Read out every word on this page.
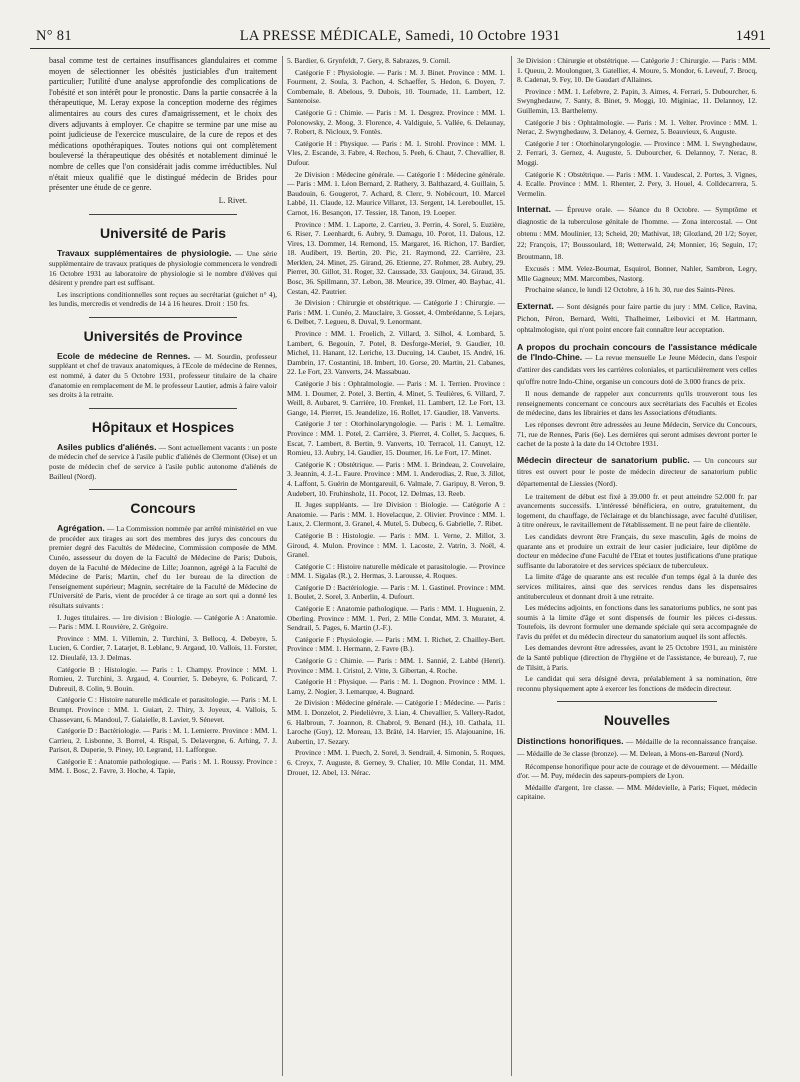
N° 81	LA PRESSE MÉDICALE, Samedi, 10 Octobre 1931	1491

basal comme test de certaines insuffisances glandulaires et comme moyen de sélectionner les obésités justiciables d'un traitement particulier; l'utilité d'une analyse approfondie des complications de l'obésité et son intérêt pour le pronostic. Dans la partie consacrée à la thérapeutique, M. Leray expose la conception moderne des régimes alimentaires au cours des cures d'amaigrissement, et le choix des divers adjuvants à employer. Ce chapitre se termine par une mise au point judicieuse de l'exercice musculaire, de la cure de repos et des médications opothérapiques. Toutes notions qui ont complètement bouleversé la thérapeutique des obésités et notablement diminué le nombre de celles que l'on considérait jadis comme irréductibles. Nul n'était mieux qualifié que le distingué médecin de Brides pour présenter une étude de ce genre.

L. Rivet.

Université de Paris

Travaux supplémentaires de physiologie. — Une série supplémentaire de travaux pratiques de physiologie commencera le vendredi 16 Octobre 1931 au laboratoire de physiologie si le nombre d'élèves qui désirent y prendre part est suffisant.

Les inscriptions conditionnelles sont reçues au secrétariat (guichet n° 4), les lundis, mercredis et vendredis de 14 à 16 heures. Droit : 150 frs.

Universités de Province

Ecole de médecine de Rennes. — M. Sourdin, professeur suppléant et chef de travaux anatomiques, à l'Ecole de médecine de Rennes, est nommé, à dater du 5 Octobre 1931, professeur titulaire de la chaire d'anatomie en remplacement de M. le professeur Lautier, admis à faire valoir ses droits à la retraite.

Hôpitaux et Hospices

Asiles publics d'aliénés. — Sont actuellement vacants : un poste de médecin chef de service à l'asile public d'aliénés de Clermont (Oise) et un poste de médecin chef de service à l'asile public autonome d'aliénés de Bailleul (Nord).

Concours

Agrégation. — La Commission nommée par arrêté ministériel en vue de procéder aux tirages au sort des membres des jurys des concours du premier degré des Facultés de Médecine, Commission composée de MM. Cunéo, assesseur du doyen de la Faculté de Médecine de Paris; Dubois, doyen de la Faculté de Médecine de Lille; Joannon, agrégé à la Faculté de Médecine de Paris; Martin, chef du 1er bureau de la direction de l'enseignement supérieur; Magnin, secrétaire de la Faculté de Médecine de l'Université de Paris, vient de procéder à ce tirage au sort qui a donné les résultats suivants :

I. Juges titulaires. — 1re division : Biologie. — Catégorie A : Anatomie. — Paris : MM. I. Rouvière, 2. Grégoire.

Province : MM. 1. Villemin, 2. Turchini, 3. Bellocq, 4. Debeyre, 5. Lucien, 6. Cordier, 7. Latarjet, 8. Leblanc, 9. Argaud, 10. Vallois, 11. Forster, 12. Dieulafé, 13. J. Delmas.

Catégorie B : Histologie. — Paris : 1. Champy. Province : MM. 1. Romieu, 2. Turchini, 3. Argaud, 4. Courrier, 5. Debeyre, 6. Policard, 7. Dubreuil, 8. Colin, 9. Bouin.

Catégorie C : Histoire naturelle médicale et parasitologie. — Paris : M. I. Brumpt. Province : MM. 1. Guiart, 2. Thiry, 3. Joyeux, 4. Vallois, 5. Chassevant, 6. Mandoul, 7. Galaielle, 8. Lavier, 9. Sénevet.

Catégorie D : Bactériologie. — Paris : M. 1. Lemierre. Province : MM. 1. Carrieu, 2. Lisbonne, 3. Borrel, 4. Rispal, 5. Delavergne, 6. Arhing, 7. J. Parisot, 8. Duperie, 9. Piney, 10. Legrand, 11. Lafforgue.

Catégorie E : Anatomie pathologique. — Paris : M. 1. Roussy. Province : MM. 1. Bosc, 2. Favre, 3. Hoche, 4. Tapie,

5. Bardier, 6. Grynfeldt, 7. Gery, 8. Sabrazes, 9. Cornil.

Catégorie F : Physiologie. — Paris : M. J. Binet. Province : MM. 1. Fourment, 2. Soula, 3. Pachon, 4. Schaeffer, 5. Hedon, 6. Doyen, 7. Combemale, 8. Abelous, 9. Dubois, 10. Tournade, 11. Lambert, 12. Santenoise.

Catégorie G : Chimie. — Paris : M. 1. Desgrez. Province : MM. 1. Polonowsky, 2. Moog, 3. Florence, 4. Valdiguie, 5. Vallée, 6. Delaunay, 7. Robert, 8. Nicloux, 9. Fontès.

Catégorie H : Physique. — Paris : M. 1. Strohl. Province : MM. 1. Vles, 2. Escande, 3. Fabre, 4. Rechou, 5. Peeh, 6. Chaut, 7. Chevallier, 8. Dufour.

2e Division : Médecine générale. — Catégorie I : Médecine générale. — Paris : MM. 1. Léon Bernard, 2. Rathery, 3. Balthazard, 4. Guillain, 5. Baudouin, 6. Gougerot, 7. Achard, 8. Clerc, 9. Nobécourt, 10. Marcel Labbé, 11. Claude, 12. Maurice Villaret, 13. Sergent, 14. Lereboullet, 15. Carnot, 16. Besançon, 17. Tessier, 18. Tanon, 19. Loeper.

Province : MM. 1. Laporte, 2. Carrieu, 3. Perrin, 4. Sorel, 5. Euzière, 6. Riser, 7. Leenhardt, 6. Aubry, 9. Damagu, 10. Porot, 11. Dalous, 12. Vires, 13. Dommer, 14. Remond, 15. Margaret, 16. Richon, 17. Bardier, 18. Audibert, 19. Bertin, 20. Pic, 21. Raymond, 22. Carrière, 23. Merklen, 24. Minet, 25. Girand, 26. Etienne, 27. Rohmer, 28. Aubry, 29. Pierret, 30. Gillot, 31. Roger, 32. Caussade, 33. Gaujoux, 34. Giraud, 35. Bosc, 36. Spillmann, 37. Lebon, 38. Meurice, 39. Olmer, 40. Bayhac, 41. Cestan, 42. Pautrier.

3e Division : Chirurgie et obstétrique. — Catégorie J : Chirurgie. — Paris : MM. 1. Cunéo, 2. Mauclaire, 3. Gosset, 4. Ombrédanne, 5. Lejars, 6. Delbet, 7. Legueu, 8. Duval, 9. Lenormant.

Province : MM. 1. Froelich, 2. Villard, 3. Silhol, 4. Lombard, 5. Lambert, 6. Begouin, 7. Potel, 8. Desforge-Meriel, 9. Gaudier, 10. Michel, 11. Hanant, 12. Leriche, 13. Ducuing, 14. Caubet, 15. André, 16. Dambrin, 17. Costantini, 18. Imbert, 10. Gorse, 20. Martin, 21. Cabanes, 22. Le Fort, 23. Vanverts, 24. Massabuau.

Catégorie J bis : Ophtalmologie. — Paris : M. 1. Terrien. Province : MM. 1. Doumer, 2. Potel, 3. Bertin, 4. Minet, 5. Teulières, 6. Villard, 7. Weill, 8. Aubaret, 9. Carrière, 10. Frenkel, 11. Lambert, 12. Le Fort, 13. Gange, 14. Pierret, 15. Jeandelize, 16. Rollet, 17. Gaudier, 18. Vanverts.

Catégorie J ter : Otorhinolaryngologie. — Paris : M. 1. Lemaître. Province : MM. 1. Potel, 2. Carrière, 3. Pierret, 4. Collet, 5. Jacques, 6. Escat, 7. Lambert, 8. Bertin, 9. Vanverts, 10. Terracol, 11. Canuyt, 12. Romieu, 13. Aubry, 14. Gaudier, 15. Doumer, 16. Le Fort, 17. Minet.

Catégorie K : Obstétrique. — Paris : MM. 1. Brindeau, 2. Couvelaire, 3. Jeannin, 4. J.-L. Faure. Province : MM. 1. Anderodias, 2. Rue, 3. Jillot, 4. Laffont, 5. Guérin de Montgareuil, 6. Valmale, 7. Garipuy, 8. Veron, 9. Audebert, 10. Fruhinsholz, 11. Pocot, 12. Delmas, 13. Reeb.

II. Juges suppléants. — 1re Division : Biologie. — Catégorie A : Anatomie. — Paris : MM. 1. Hovelacque, 2. Olivier. Province : MM. 1. Laux, 2. Clermont, 3. Granel, 4. Mutel, 5. Dubecq, 6. Gabrielle, 7. Ribet.

Catégorie B : Histologie. — Paris : MM. 1. Verne, 2. Millot, 3. Giroud, 4. Mulon. Province : MM. 1. Lacoste, 2. Vatrin, 3. Noël, 4. Granel.

Catégorie C : Histoire naturelle médicale et parasitologie. — Province : MM. 1. Sigalas (R.), 2. Hermas, 3. Larousse, 4. Roques.

Catégorie D : Bactériologie. — Paris : M. 1. Gastinel. Province : MM. 1. Boulet, 2. Sorel, 3. Anberlin, 4. Dufourt.

Catégorie E : Anatomie pathologique. — Paris : MM. 1. Huguenin, 2. Oberling. Province : MM. 1. Peri, 2. Mlle Condat, MM. 3. Muratet, 4. Sendrail, 5. Pages, 6. Martin (J.-F.).

Catégorie F : Physiologie. — Paris : MM. 1. Richet, 2. Chailley-Bert. Province : MM. 1. Hermann, 2. Favre (B.).

Catégorie G : Chimie. — Paris : MM. 1. Sannié, 2. Labbé (Henri). Province : MM. 1. Cristol, 2. Vitte, 3. Gibertan, 4. Roche.

Catégorie H : Physique. — Paris : M. 1. Dognon. Province : MM. 1. Lamy, 2. Nogier, 3. Lemarque, 4. Bugnard.

2e Division : Médecine générale. — Catégorie I : Médecine. — Paris : MM. 1. Donzelot, 2. Piedelièvre, 3. Lian, 4. Chevallier, 5. Vallery-Radot, 6. Halbroun, 7. Joannon, 8. Chabrol, 9. Benard (H.), 10. Cathala, 11. Laroche (Guy), 12. Moreau, 13. Bräté, 14. Harvier, 15. Alajouanine, 16. Aubertin, 17. Sezary.

Province : MM. 1. Puech, 2. Sorel, 3. Sendrail, 4. Simonin, 5. Roques, 6. Creyx, 7. Auguste, 8. Gerney, 9. Chalier, 10. Mlle Condat, 11. MM. Drouet, 12. Abel, 13. Nérac.

3e Division : Chirurgie et obstétrique. — Catégorie J : Chirurgie. — Paris : MM. 1. Queuu, 2. Moulonguet, 3. Gatellier, 4. Moure, 5. Mondor, 6. Leveuf, 7. Brocq, 8. Cadenat, 9. Fey, 10. De Gaudart d'Allaines.

Province : MM. 1. Lefebvre, 2. Papin, 3. Aimes, 4. Ferrari, 5. Dubourcher, 6. Swynghedauw, 7. Santy, 8. Binet, 9. Moggi, 10. Miginiac, 11. Delannoy, 12. Guillemin, 13. Barthelemy.

Catégorie J bis : Ophtalmologie. — Paris : M. 1. Velter. Province : MM. 1. Nerac, 2. Swynghedauw, 3. Delanoy, 4. Gernez, 5. Beauvieux, 6. Auguste.

Catégorie J ter : Otorhinolaryngologie. — Province : MM. 1. Swynghedauw, 2. Ferrari, 3. Gernez, 4. Auguste, 5. Dubourcher, 6. Delannoy, 7. Nerac, 8. Moggi.

Catégorie K : Obstétrique. — Paris : MM. 1. Vaudescal, 2. Portes, 3. Vignes, 4. Ecalle. Province : MM. 1. Rhenter, 2. Pery, 3. Houel, 4. Colldecarrera, 5. Vermelin.

Internat. — Épreuve orale. — Séance du 8 Octobre. — Symptôme et diagnostic de la tuberculose génitale de l'homme. — Zona intercostal. — Ont obtenu : MM. Moulinier, 13; Scheid, 20; Mathivat, 18; Glozland, 20 1/2; Soyer, 22; François, 17; Boussoulard, 18; Wetterwald, 24; Monnier, 16; Seguin, 17; Broutmann, 18.

Excusés : MM. Velez-Bournat, Esquirol, Bonner, Nahler, Sambron, Legry, Mlle Gagneux; MM. Marcombes, Nastorg.

Prochaine séance, le lundi 12 Octobre, à 16 h. 30, rue des Saints-Pères.

Externat. — Sont désignés pour faire partie du jury : MM. Celice, Ravina, Pichon, Péron, Bernard, Welti, Thalheimer, Leibovici et M. Hartmann, ophtalmologiste, qui n'ont point encore fait connaître leur acceptation.

A propos du prochain concours de l'assistance médicale de l'Indo-Chine. — La revue mensuelle Le Jeune Médecin, dans l'espoir d'attirer des candidats vers les carrières coloniales, et particulièrement vers celles qu'offre notre Indo-Chine, organise un concours doté de 3.000 francs de prix.

Il nous demande de rappeler aux concurrents qu'ils trouveront tous les renseignements concernant ce concours aux secrétariats des Facultés et Ecoles de médecine, dans les librairies et dans les Associations d'étudiants.

Les réponses devront être adressées au Jeune Médecin, Service du Concours, 71, rue de Rennes, Paris (6e). Les dernières qui seront admises devront porter le cachet de la poste à la date du 14 Octobre 1931.

Médecin directeur de sanatorium public. — Un concours sur titres est ouvert pour le poste de médecin directeur de sanatorium public départemental de Liessies (Nord).

Le traitement de début est fixé à 39.000 fr. et peut atteindre 52.000 fr. par avancements successifs. L'intéressé bénéficiera, en outre, gratuitement, du logement, du chauffage, de l'éclairage et du blanchissage, avec faculté d'utiliser, à titre onéreux, le ravitaillement de l'établissement. Il ne peut faire de clientèle.

Les candidats devront être Français, du sexe masculin, âgés de moins de quarante ans et produire un extrait de leur casier judiciaire, leur diplôme de docteur en médecine d'une Faculté de l'Etat et toutes justifications d'une pratique suffisante du laboratoire et des services spéciaux de tuberculeux.

La limite d'âge de quarante ans est reculée d'un temps égal à la durée des services militaires, ainsi que des services rendus dans les dispensaires antituberculeux et donnant droit à une retraite.

Les médecins adjoints, en fonctions dans les sanatoriums publics, ne sont pas soumis à la limite d'âge et sont dispensés de fournir les pièces ci-dessus. Toutefois, ils devront formuler une demande spéciale qui sera accompagnée de l'avis du préfet et du médecin directeur du sanatorium auquel ils sont affectés.

Les demandes devront être adressées, avant le 25 Octobre 1931, au ministère de la Santé publique (direction de l'hygiène et de l'assistance, 4e bureau), 7, rue de Tilsitt, à Paris.

Le candidat qui sera désigné devra, préalablement à sa nomination, être reconnu physiquement apte à exercer les fonctions de médecin directeur.

Nouvelles

Distinctions honorifiques. — Médaille de la reconnaissance française. — Médaille de 3e classe (bronze). — M. Delean, à Mons-en-Barœul (Nord).

Récompense honorifique pour acte de courage et de dévouement. — Médaille d'or. — M. Puy, médecin des sapeurs-pompiers de Lyon.

Médaille d'argent, 1re classe. — MM. Médevielle, à Paris; Fiquet, médecin capitaine.
